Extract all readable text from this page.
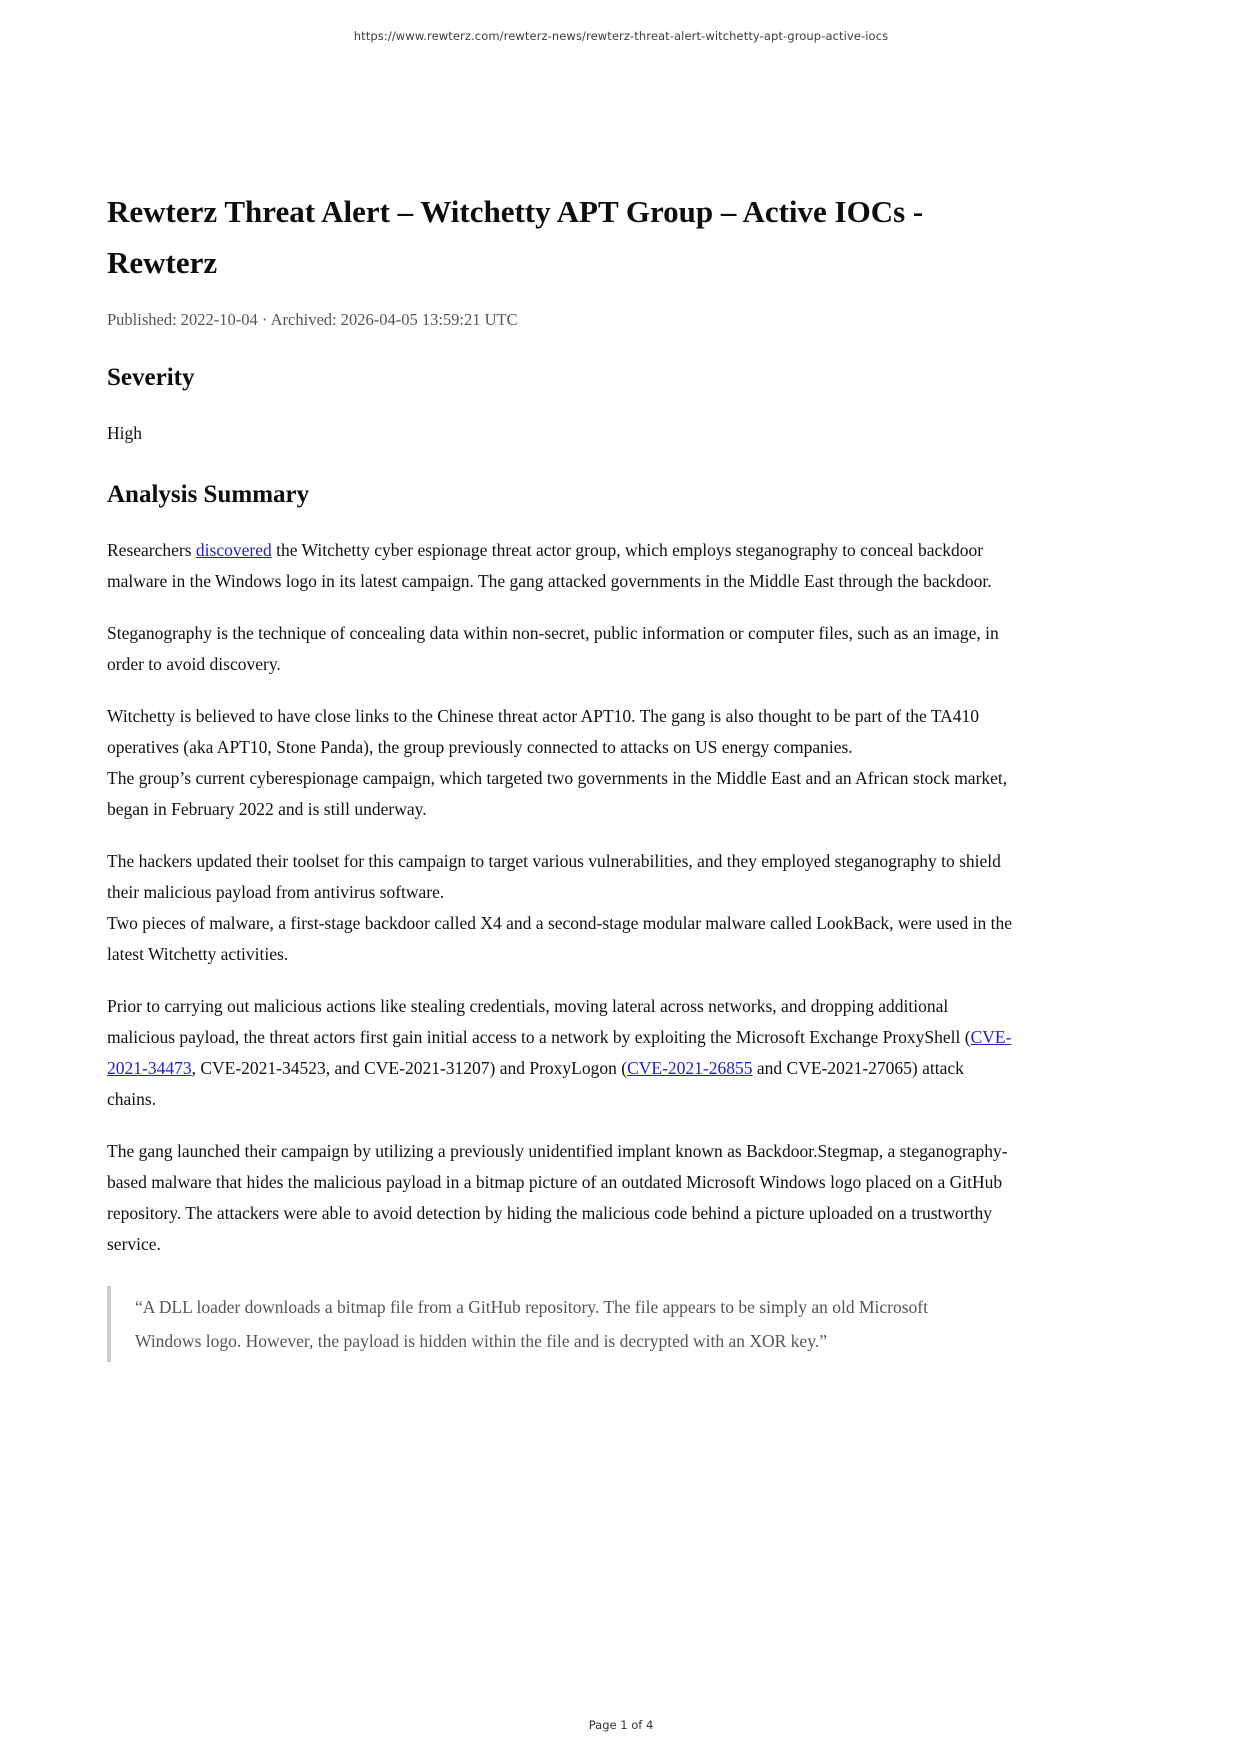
https://www.rewterz.com/rewterz-news/rewterz-threat-alert-witchetty-apt-group-active-iocs
Rewterz Threat Alert – Witchetty APT Group – Active IOCs - Rewterz

Published: 2022-10-04 · Archived: 2026-04-05 13:59:21 UTC

Severity

High

Analysis Summary

Researchers discovered the Witchetty cyber espionage threat actor group, which employs steganography to conceal backdoor malware in the Windows logo in its latest campaign. The gang attacked governments in the Middle East through the backdoor.

Steganography is the technique of concealing data within non-secret, public information or computer files, such as an image, in order to avoid discovery.

Witchetty is believed to have close links to the Chinese threat actor APT10. The gang is also thought to be part of the TA410 operatives (aka APT10, Stone Panda), the group previously connected to attacks on US energy companies.
The group’s current cyberespionage campaign, which targeted two governments in the Middle East and an African stock market, began in February 2022 and is still underway.

The hackers updated their toolset for this campaign to target various vulnerabilities, and they employed steganography to shield their malicious payload from antivirus software.
Two pieces of malware, a first-stage backdoor called X4 and a second-stage modular malware called LookBack, were used in the latest Witchetty activities.

Prior to carrying out malicious actions like stealing credentials, moving lateral across networks, and dropping additional malicious payload, the threat actors first gain initial access to a network by exploiting the Microsoft Exchange ProxyShell (CVE-2021-34473, CVE-2021-34523, and CVE-2021-31207) and ProxyLogon (CVE-2021-26855 and CVE-2021-27065) attack chains.

The gang launched their campaign by utilizing a previously unidentified implant known as Backdoor.Stegmap, a steganography-based malware that hides the malicious payload in a bitmap picture of an outdated Microsoft Windows logo placed on a GitHub repository. The attackers were able to avoid detection by hiding the malicious code behind a picture uploaded on a trustworthy service.

“A DLL loader downloads a bitmap file from a GitHub repository. The file appears to be simply an old Microsoft Windows logo. However, the payload is hidden within the file and is decrypted with an XOR key.”
Page 1 of 4
